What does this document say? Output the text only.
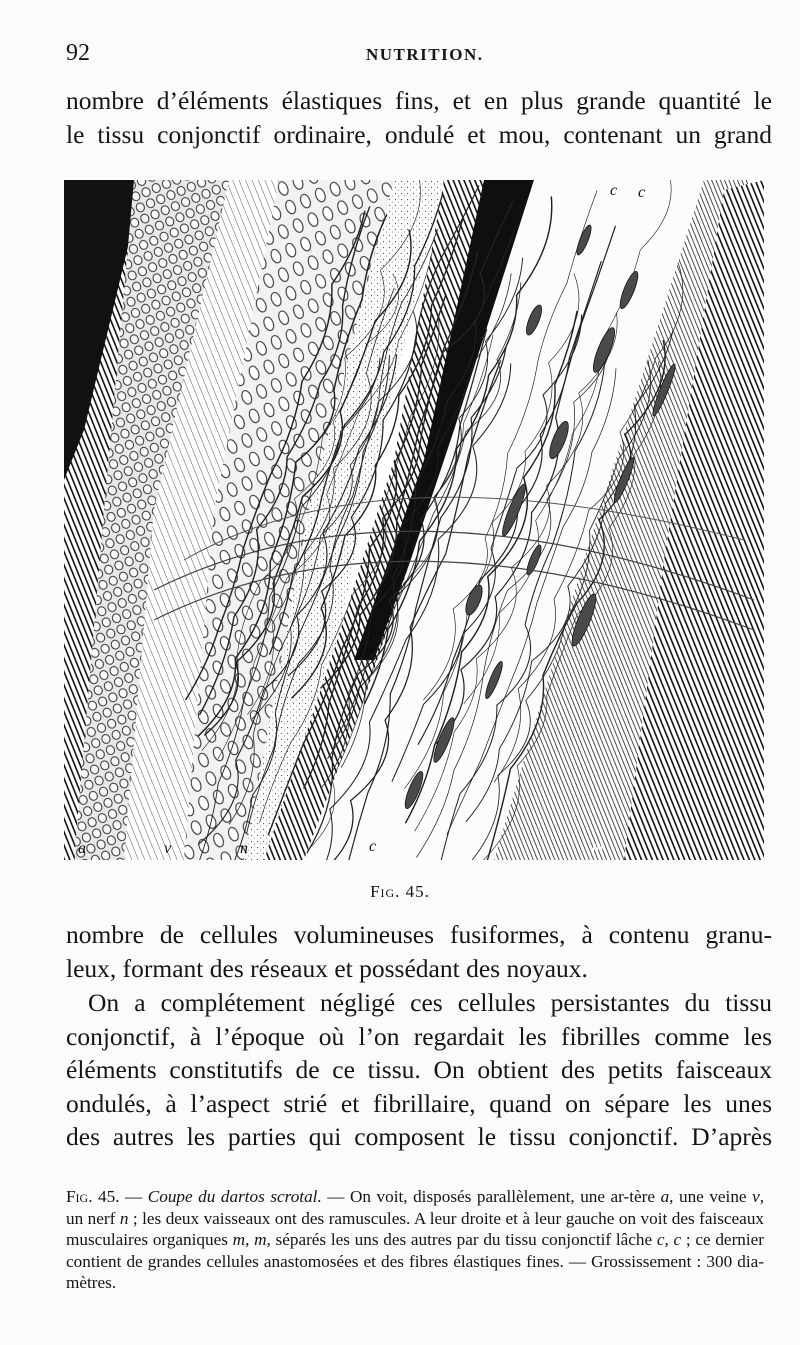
92	NUTRITION.

nombre d’éléments élastiques fins, et en plus grande quantité le
le tissu conjonctif ordinaire, ondulé et mou, contenant un grand

a	v	n	c
c c
m
Fig. 45.

nombre de cellules volumineuses fusiformes, à contenu granu-
leux, formant des réseaux et possédant des noyaux.

On a complétement négligé ces cellules persistantes du tissu
conjonctif, à l’époque où l’on regardait les fibrilles comme les
éléments constitutifs de ce tissu. On obtient des petits faisceaux
ondulés, à l’aspect strié et fibrillaire, quand on sépare les unes
des autres les parties qui composent le tissu conjonctif. D’après

Fig. 45. — Coupe du dartos scrotal. — On voit, disposés parallèlement, une ar-tère a, une veine v, un nerf n ; les deux vaisseaux ont des ramuscules. A leur droite et à leur gauche on voit des faisceaux musculaires organiques m, m, séparés les uns des autres par du tissu conjonctif lâche c, c ; ce dernier contient de grandes cellules anastomosées et des fibres élastiques fines. — Grossissement : 300 dia-mètres.
